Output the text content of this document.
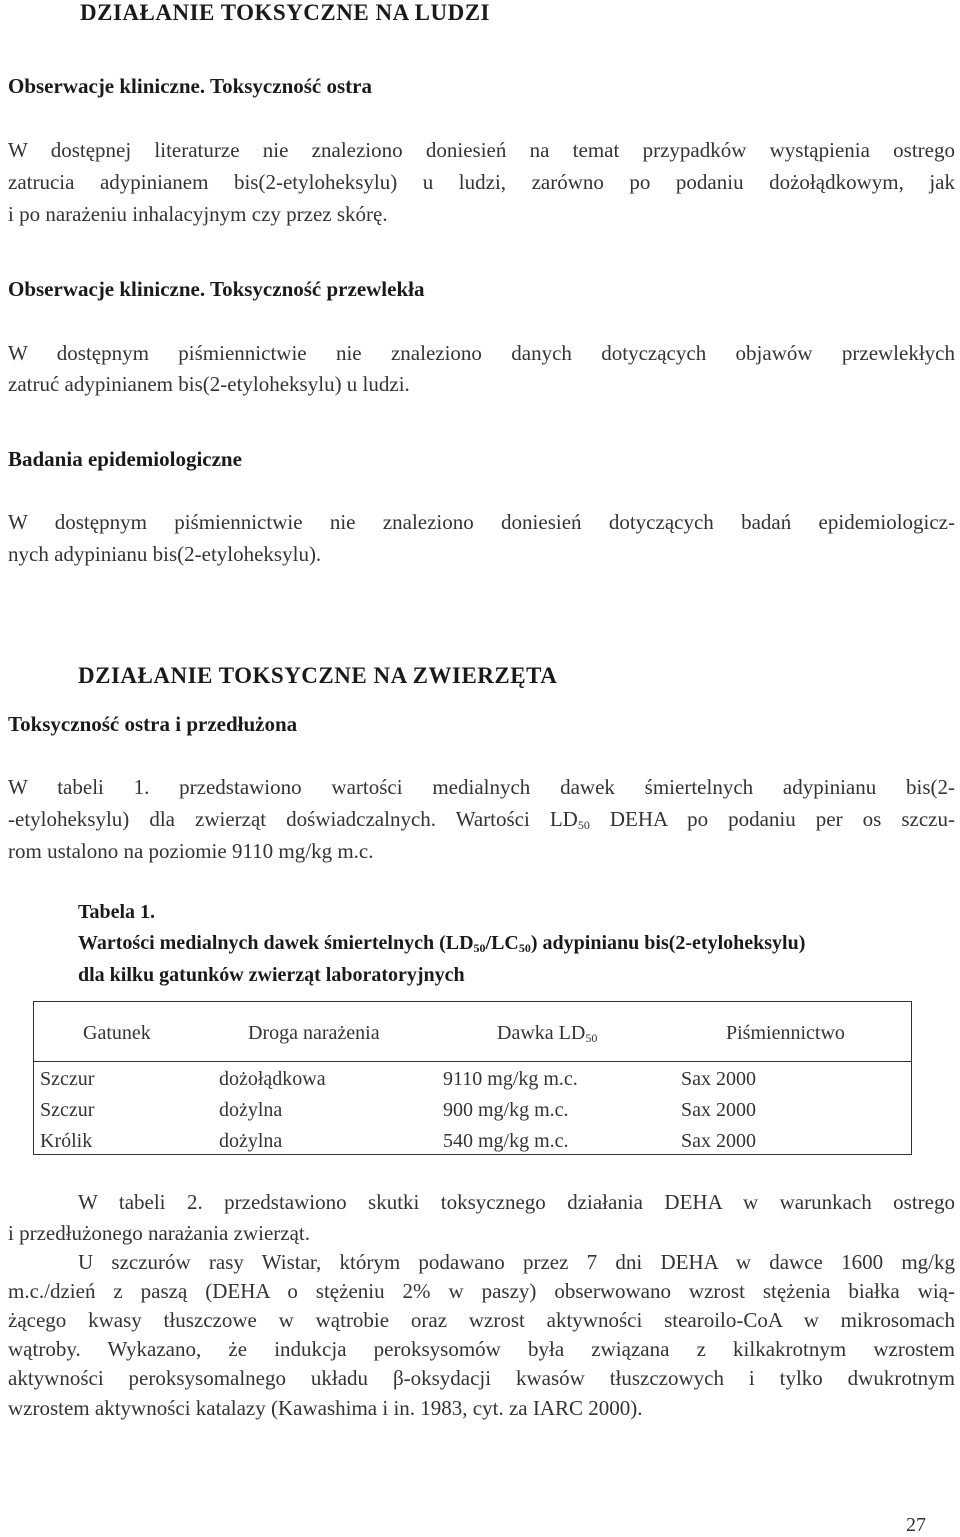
DZIAŁANIE TOKSYCZNE NA LUDZI
Obserwacje kliniczne. Toksyczność ostra
W dostępnej literaturze nie znaleziono doniesień na temat przypadków wystąpienia ostrego
zatrucia adypinianem bis(2-etyloheksylu) u ludzi, zarówno po podaniu dożołądkowym, jak
i po narażeniu inhalacyjnym czy przez skórę.
Obserwacje kliniczne. Toksyczność przewlekła
W dostępnym piśmiennictwie nie znaleziono danych dotyczących objawów przewlekłych
zatruć adypinianem bis(2-etyloheksylu) u ludzi.
Badania epidemiologiczne
W dostępnym piśmiennictwie nie znaleziono doniesień dotyczących badań epidemiologicz-
nych adypinianu bis(2-etyloheksylu).
DZIAŁANIE TOKSYCZNE NA ZWIERZĘTA
Toksyczność ostra i przedłużona
W tabeli 1. przedstawiono wartości medialnych dawek śmiertelnych adypinianu bis(2-
-etyloheksylu) dla zwierząt doświadczalnych. Wartości LD50 DEHA po podaniu per os szczu-
rom ustalono na poziomie 9110 mg/kg m.c.
Tabela 1.
Wartości medialnych dawek śmiertelnych (LD50/LC50) adypinianu bis(2-etyloheksylu)
dla kilku gatunków zwierząt laboratoryjnych
Gatunek	Droga narażenia	Dawka LD50	Piśmiennictwo
Szczur	dożołądkowa	9110 mg/kg m.c.	Sax 2000
Szczur	dożylna	900 mg/kg m.c.	Sax 2000
Królik	dożylna	540 mg/kg m.c.	Sax 2000
W tabeli 2. przedstawiono skutki toksycznego działania DEHA w warunkach ostrego
i przedłużonego narażania zwierząt.
U szczurów rasy Wistar, którym podawano przez 7 dni DEHA w dawce 1600 mg/kg
m.c./dzień z paszą (DEHA o stężeniu 2% w paszy) obserwowano wzrost stężenia białka wią-
żącego kwasy tłuszczowe w wątrobie oraz wzrost aktywności stearoilo-CoA w mikrosomach
wątroby. Wykazano, że indukcja peroksysomów była związana z kilkakrotnym wzrostem
aktywności peroksysomalnego układu β-oksydacji kwasów tłuszczowych i tylko dwukrotnym
wzrostem aktywności katalazy (Kawashima i in. 1983, cyt. za IARC 2000).
27
